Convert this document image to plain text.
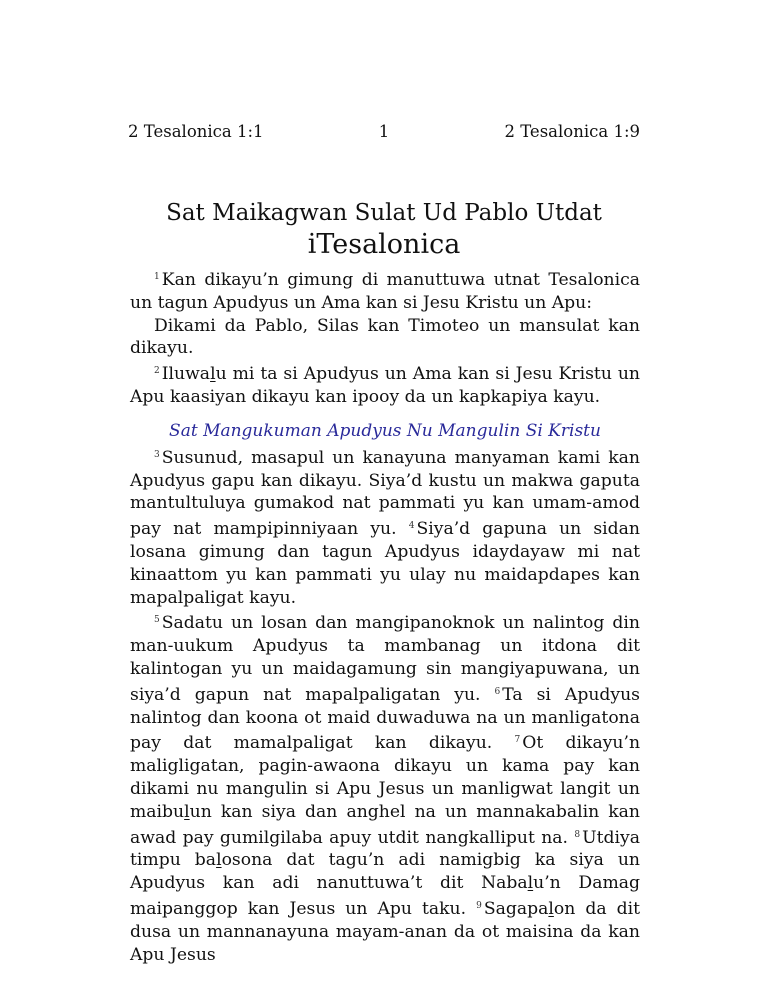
2 Tesalonica 1:1	1	2 Tesalonica 1:9
Sat Maikagwan Sulat Ud Pablo Utdat
iTesalonica

$^1$ Kan dikayu’n gimung di manuttuwa utnat Tesalonica un tagun Apudyus un Ama kan si Jesu Kristu un Apu:

Dikami da Pablo, Silas kan Timoteo un mansulat kan dikayu.

$^2$ Iluwalu mi ta si Apudyus un Ama kan si Jesu Kristu un Apu kaasiyan dikayu kan ipooy da un kapkapiya kayu.

Sat Mangukuman Apudyus Nu Mangulin Si Kristu

$^3$ Susunud, masapul un kanayuna manyaman kami kan Apudyus gapu kan dikayu. Siya’d kustu un makwa gaputa mantultuluya gumakod nat pammati yu kan umam-amod pay nat mampipinniyaan yu. $^4$ Siya’d gapuna un sidan losana gimung dan tagun Apudyus idaydayaw mi nat kinaattom yu kan pammati yu ulay nu maidapdapes kan mapalpaligat kayu.

$^5$ Sadatu un losan dan mangipanoknok un nalintog din man-uukum Apudyus ta mambanag un itdona dit kalintogan yu un maidagamung sin mangiyapuwana, un siya’d gapun nat mapalpaligatan yu. $^6$ Ta si Apudyus nalintog dan koona ot maid duwaduwa na un manligatona pay dat mamalpaligat kan dikayu. $^7$ Ot dikayu’n maligligatan, pagin-awaona dikayu un kama pay kan dikami nu mangulin si Apu Jesus un manligwat langit un maibulun kan siya dan anghel na un mannakabalin kan awad pay gumilgilaba apuy utdit nangkalliput na. $^8$ Utdiya timpu balosona dat tagu’n adi namigbig ka siya un Apudyus kan adi nanuttuwa’t dit Nabalu’n Damag maipanggop kan Jesus un Apu taku. $^9$ Sagapalon da dit dusa un mannanayuna mayam-anan da ot maisina da kan Apu Jesus
